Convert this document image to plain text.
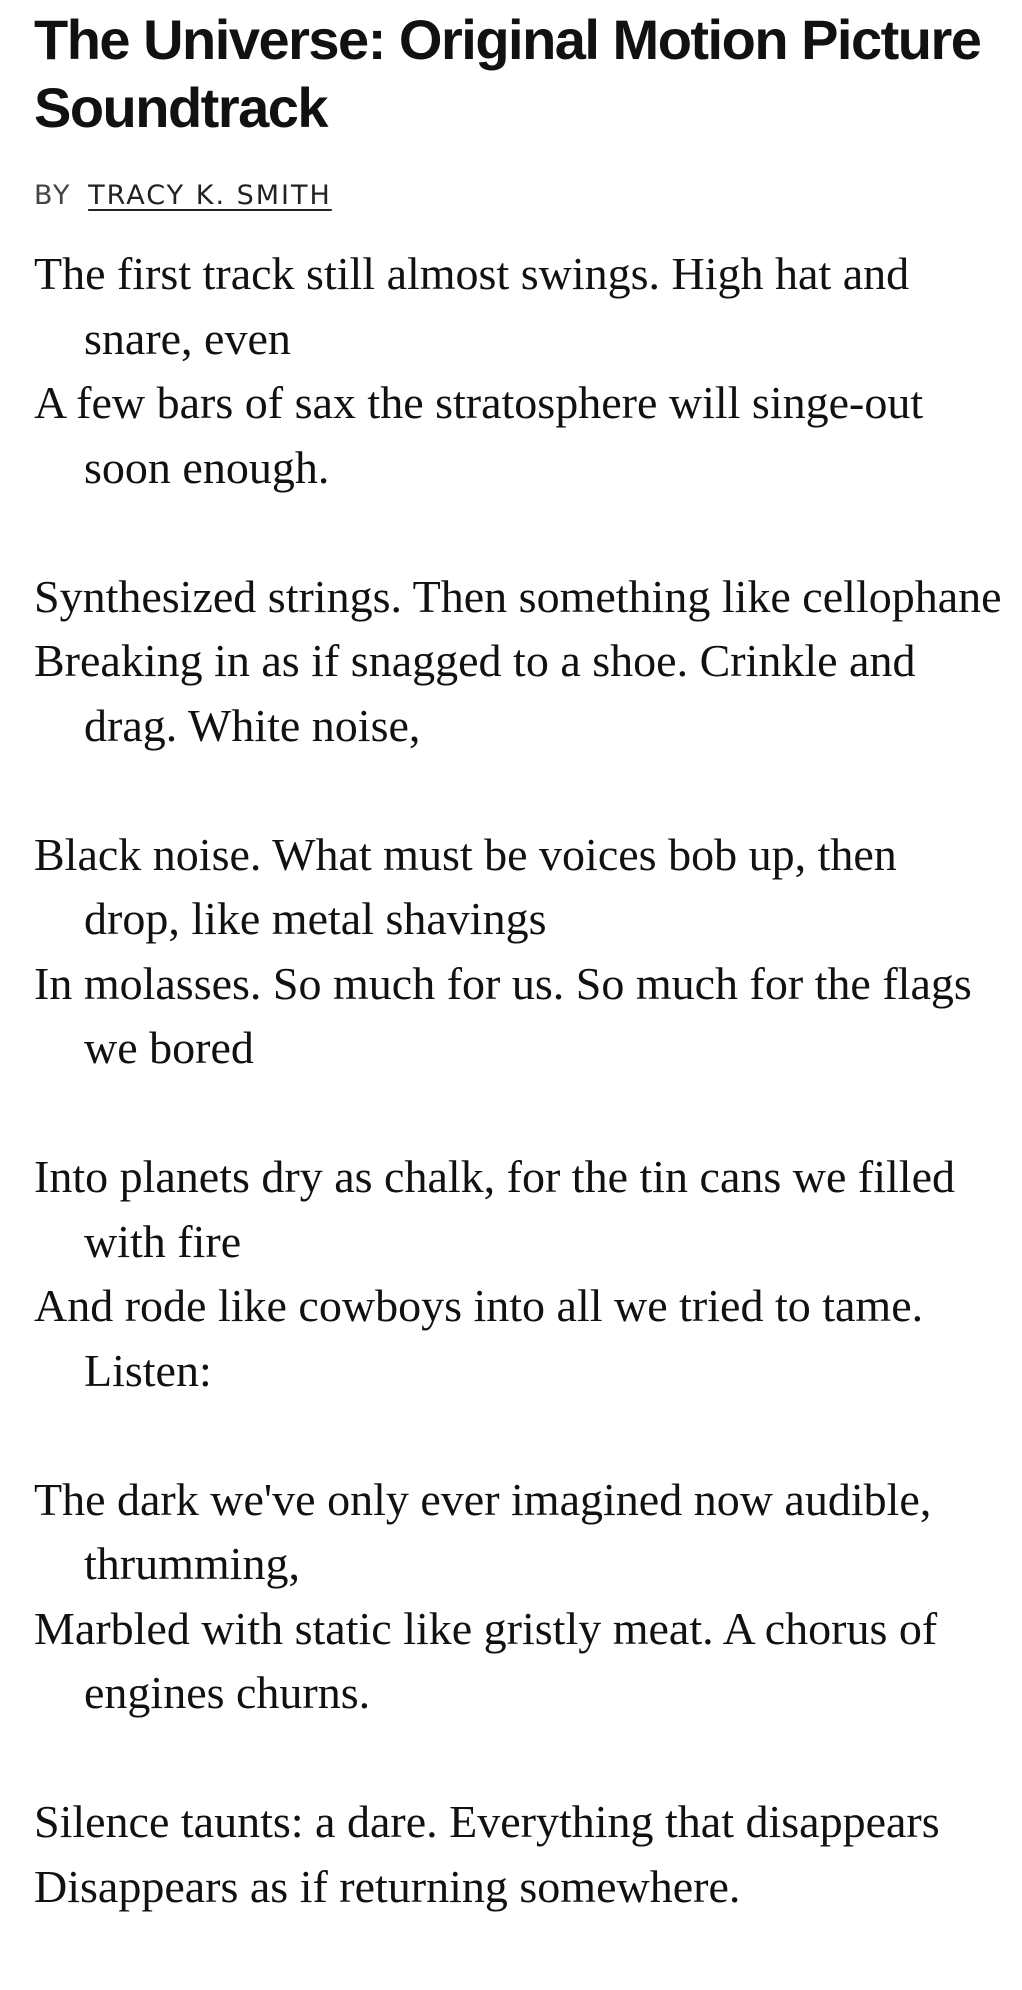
The Universe: Original Motion Picture Soundtrack
BY TRACY K. SMITH
The first track still almost swings. High hat and snare, even
A few bars of sax the stratosphere will singe-out soon enough.
Synthesized strings. Then something like cellophane
Breaking in as if snagged to a shoe. Crinkle and drag. White noise,
Black noise. What must be voices bob up, then drop, like metal shavings
In molasses. So much for us. So much for the flags we bored
Into planets dry as chalk, for the tin cans we filled with fire
And rode like cowboys into all we tried to tame. Listen:
The dark we've only ever imagined now audible, thrumming,
Marbled with static like gristly meat. A chorus of engines churns.
Silence taunts: a dare. Everything that disappears
Disappears as if returning somewhere.
